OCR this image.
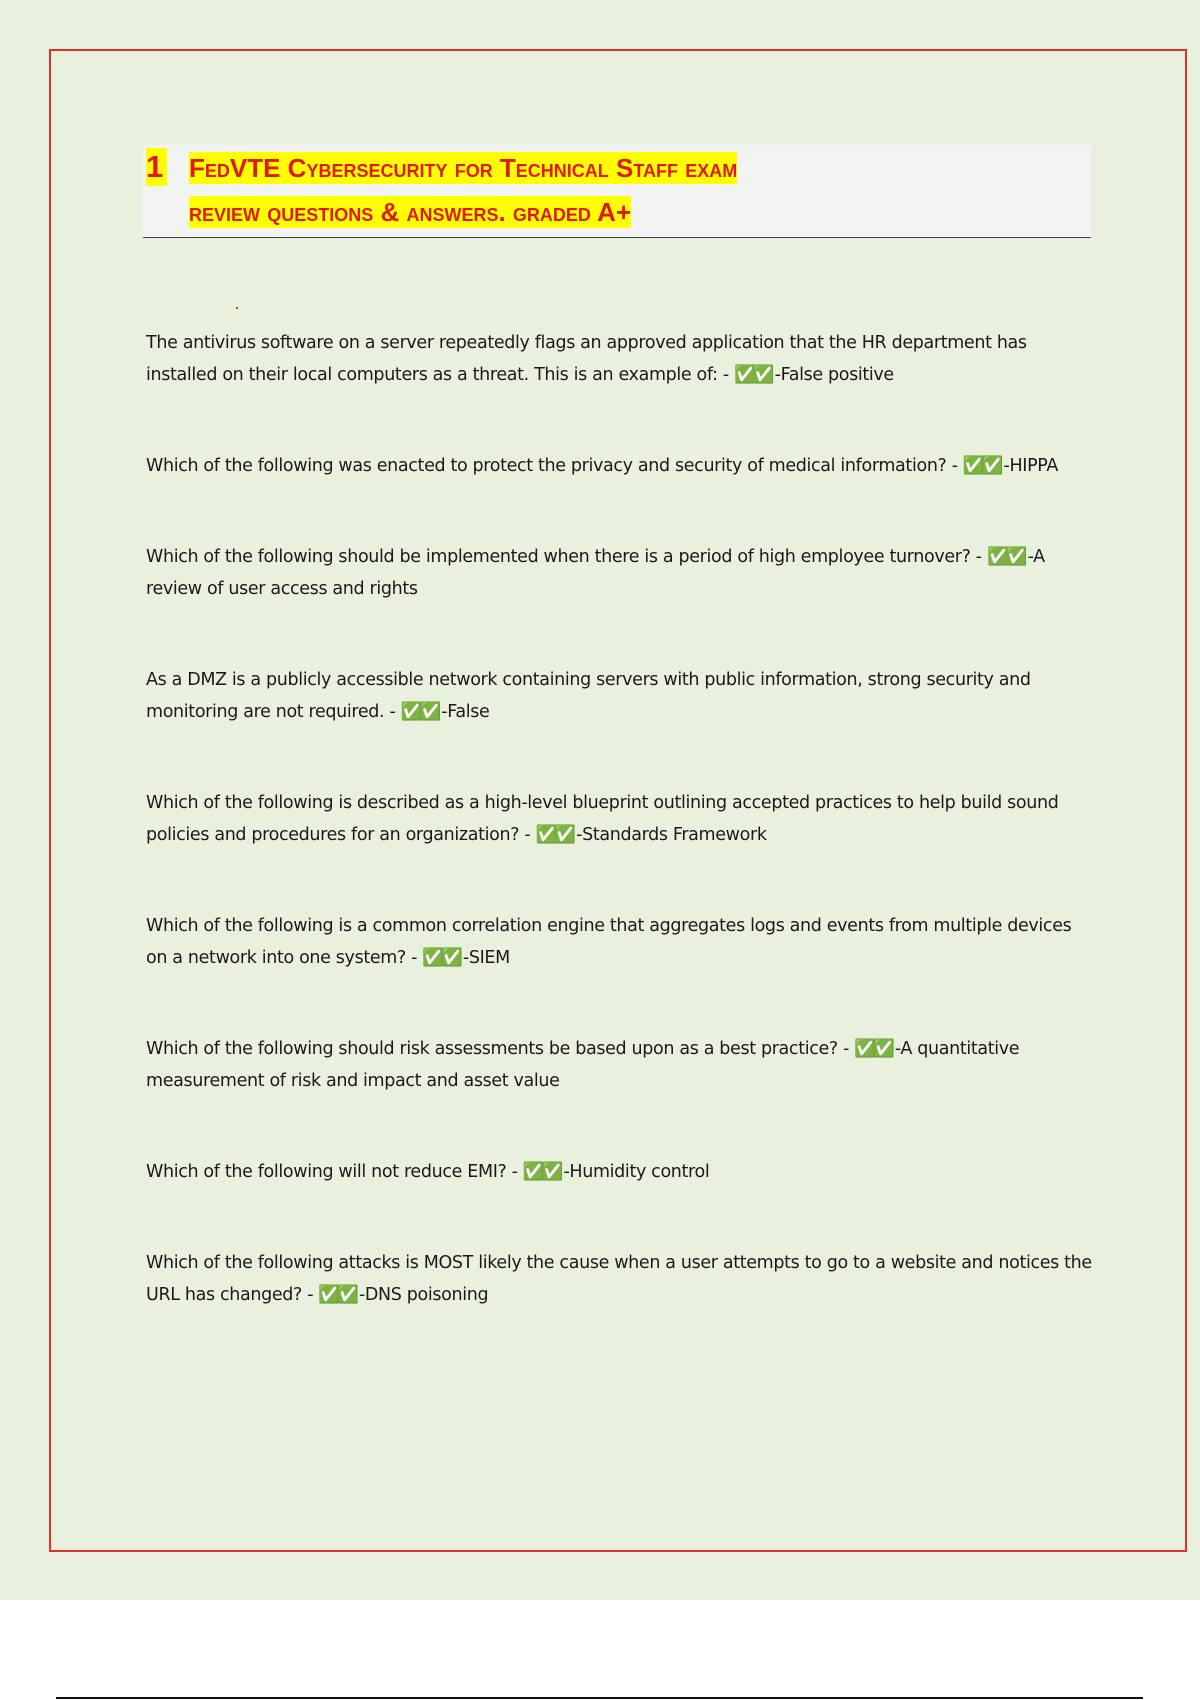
1 FedVTE Cybersecurity for Technical Staff exam
review questions & answers. graded A+

The antivirus software on a server repeatedly flags an approved application that the HR department has installed on their local computers as a threat. This is an example of: - ✅✅ -False positive

Which of the following was enacted to protect the privacy and security of medical information? - ✅✅ -HIPPA

Which of the following should be implemented when there is a period of high employee turnover? - ✅✅ -A review of user access and rights

As a DMZ is a publicly accessible network containing servers with public information, strong security and monitoring are not required. - ✅✅ -False

Which of the following is described as a high-level blueprint outlining accepted practices to help build sound policies and procedures for an organization? - ✅✅ -Standards Framework

Which of the following is a common correlation engine that aggregates logs and events from multiple devices on a network into one system? - ✅✅ -SIEM

Which of the following should risk assessments be based upon as a best practice? - ✅✅ -A quantitative measurement of risk and impact and asset value

Which of the following will not reduce EMI? - ✅✅ -Humidity control

Which of the following attacks is MOST likely the cause when a user attempts to go to a website and notices the URL has changed? - ✅✅ -DNS poisoning
